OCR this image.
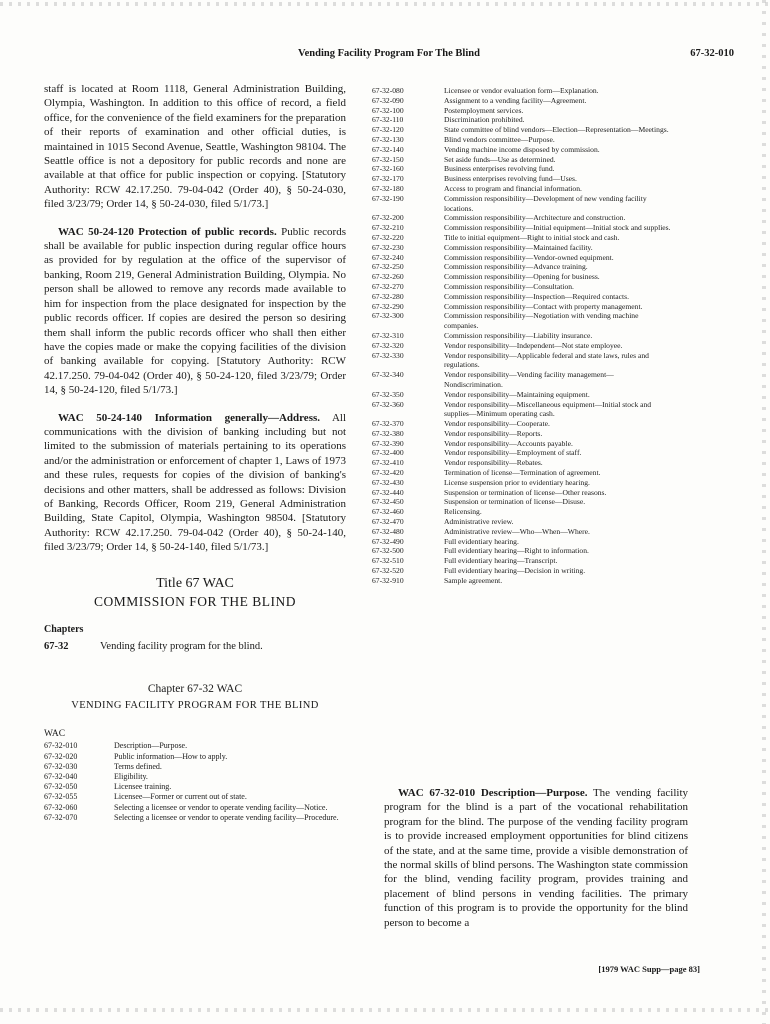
Vending Facility Program For The Blind	67-32-010

staff is located at Room 1118, General Administration Building, Olympia, Washington. In addition to this office of record, a field office, for the convenience of the field examiners for the preparation of their reports of examination and other official duties, is maintained in 1015 Second Avenue, Seattle, Washington 98104. The Seattle office is not a depository for public records and none are available at that office for public inspection or copying. [Statutory Authority: RCW 42.17.250. 79-04-042 (Order 40), § 50-24-030, filed 3/23/79; Order 14, § 50-24-030, filed 5/1/73.]

WAC 50-24-120 Protection of public records. Public records shall be available for public inspection during regular office hours as provided for by regulation at the office of the supervisor of banking, Room 219, General Administration Building, Olympia. No person shall be allowed to remove any records made available to him for inspection from the place designated for inspection by the public records officer. If copies are desired the person so desiring them shall inform the public records officer who shall then either have the copies made or make the copying facilities of the division of banking available for copying. [Statutory Authority: RCW 42.17.250. 79-04-042 (Order 40), § 50-24-120, filed 3/23/79; Order 14, § 50-24-120, filed 5/1/73.]

WAC 50-24-140 Information generally—Address. All communications with the division of banking including but not limited to the submission of materials pertaining to its operations and/or the administration or enforcement of chapter 1, Laws of 1973 and these rules, requests for copies of the division of banking's decisions and other matters, shall be addressed as follows: Division of Banking, Records Officer, Room 219, General Administration Building, State Capitol, Olympia, Washington 98504. [Statutory Authority: RCW 42.17.250. 79-04-042 (Order 40), § 50-24-140, filed 3/23/79; Order 14, § 50-24-140, filed 5/1/73.]

Title 67 WAC
COMMISSION FOR THE BLIND
Chapters
67-32	Vending facility program for the blind.
Chapter 67-32 WAC
VENDING FACILITY PROGRAM FOR THE BLIND
WAC
67-32-010	Description—Purpose.
67-32-020	Public information—How to apply.
67-32-030	Terms defined.
67-32-040	Eligibility.
67-32-050	Licensee training.
67-32-055	Licensee—Former or current out of state.
67-32-060	Selecting a licensee or vendor to operate vending facility—Notice.
67-32-070	Selecting a licensee or vendor to operate vending facility—Procedure.
67-32-080	Licensee or vendor evaluation form—Explanation.
67-32-090	Assignment to a vending facility—Agreement.
67-32-100	Postemployment services.
67-32-110	Discrimination prohibited.
67-32-120	State committee of blind vendors—Election—Representation—Meetings.
67-32-130	Blind vendors committee—Purpose.
67-32-140	Vending machine income disposed by commission.
67-32-150	Set aside funds—Use as determined.
67-32-160	Business enterprises revolving fund.
67-32-170	Business enterprises revolving fund—Uses.
67-32-180	Access to program and financial information.
67-32-190	Commission responsibility—Development of new vending facility locations.
67-32-200	Commission responsibility—Architecture and construction.
67-32-210	Commission responsibility—Initial equipment—Initial stock and supplies.
67-32-220	Title to initial equipment—Right to initial stock and cash.
67-32-230	Commission responsibility—Maintained facility.
67-32-240	Commission responsibility—Vendor-owned equipment.
67-32-250	Commission responsibility—Advance training.
67-32-260	Commission responsibility—Opening for business.
67-32-270	Commission responsibility—Consultation.
67-32-280	Commission responsibility—Inspection—Required contacts.
67-32-290	Commission responsibility—Contact with property management.
67-32-300	Commission responsibility—Negotiation with vending machine companies.
67-32-310	Commission responsibility—Liability insurance.
67-32-320	Vendor responsibility—Independent—Not state employee.
67-32-330	Vendor responsibility—Applicable federal and state laws, rules and regulations.
67-32-340	Vendor responsibility—Vending facility management—Nondiscrimination.
67-32-350	Vendor responsibility—Maintaining equipment.
67-32-360	Vendor responsibility—Miscellaneous equipment—Initial stock and supplies—Minimum operating cash.
67-32-370	Vendor responsibility—Cooperate.
67-32-380	Vendor responsibility—Reports.
67-32-390	Vendor responsibility—Accounts payable.
67-32-400	Vendor responsibility—Employment of staff.
67-32-410	Vendor responsibility—Rebates.
67-32-420	Termination of license—Termination of agreement.
67-32-430	License suspension prior to evidentiary hearing.
67-32-440	Suspension or termination of license—Other reasons.
67-32-450	Suspension or termination of license—Disuse.
67-32-460	Relicensing.
67-32-470	Administrative review.
67-32-480	Administrative review—Who—When—Where.
67-32-490	Full evidentiary hearing.
67-32-500	Full evidentiary hearing—Right to information.
67-32-510	Full evidentiary hearing—Transcript.
67-32-520	Full evidentiary hearing—Decision in writing.
67-32-910	Sample agreement.

WAC 67-32-010 Description—Purpose. The vending facility program for the blind is a part of the vocational rehabilitation program for the blind. The purpose of the vending facility program is to provide increased employment opportunities for blind citizens of the state, and at the same time, provide a visible demonstration of the normal skills of blind persons. The Washington state commission for the blind, vending facility program, provides training and placement of blind persons in vending facilities. The primary function of this program is to provide the opportunity for the blind person to become a

[1979 WAC Supp—page 83]
